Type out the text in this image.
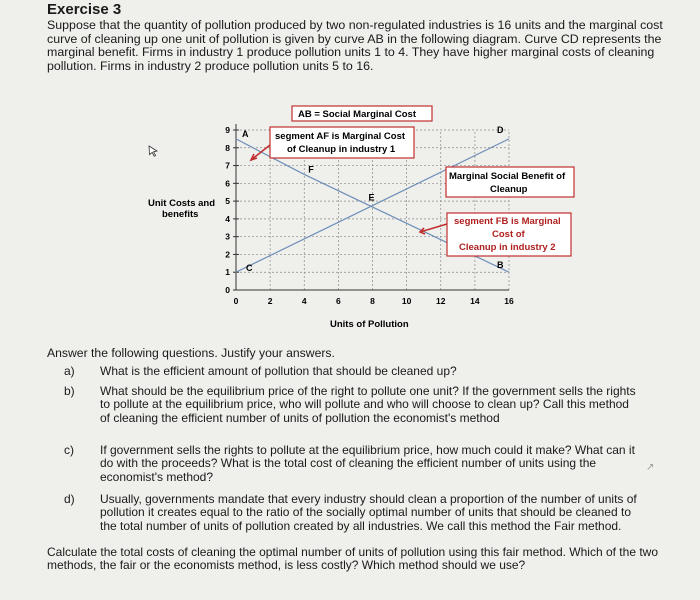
Exercise 3
Suppose that the quantity of pollution produced by two non-regulated industries is 16 units and the marginal cost curve of cleaning up one unit of pollution is given by curve AB in the following diagram. Curve CD represents the marginal benefit. Firms in industry 1 produce pollution units 1 to 4. They have higher marginal costs of cleaning pollution. Firms in industry 2 produce pollution units 5 to 16.
0	2	4	6	8	10	12	14	16
0
1
2
3
4
5
6
7
8
9 A
F
E
C
D
B
Unit Costs and
benefits
Units of Pollution
AB = Social Marginal Cost
segment AF is Marginal Cost
of Cleanup in industry 1
Marginal Social Benefit of
Cleanup
segment FB is Marginal
Cost of
Cleanup in industry 2
Answer the following questions. Justify your answers.
a) What is the efficient amount of pollution that should be cleaned up?
b) What should be the equilibrium price of the right to pollute one unit? If the government sells the rights
to pollute at the equilibrium price, who will pollute and who will choose to clean up? Call this method
of cleaning the efficient number of units of pollution the economist's method
c) If government sells the rights to pollute at the equilibrium price, how much could it make? What can it
do with the proceeds? What is the total cost of cleaning the efficient number of units using the
economist's method?
↗
d) Usually, governments mandate that every industry should clean a proportion of the number of units of
pollution it creates equal to the ratio of the socially optimal number of units that should be cleaned to
the total number of units of pollution created by all industries. We call this method the Fair method.
Calculate the total costs of cleaning the optimal number of units of pollution using this fair method. Which of the two methods, the fair or the economists method, is less costly? Which method should we use?
